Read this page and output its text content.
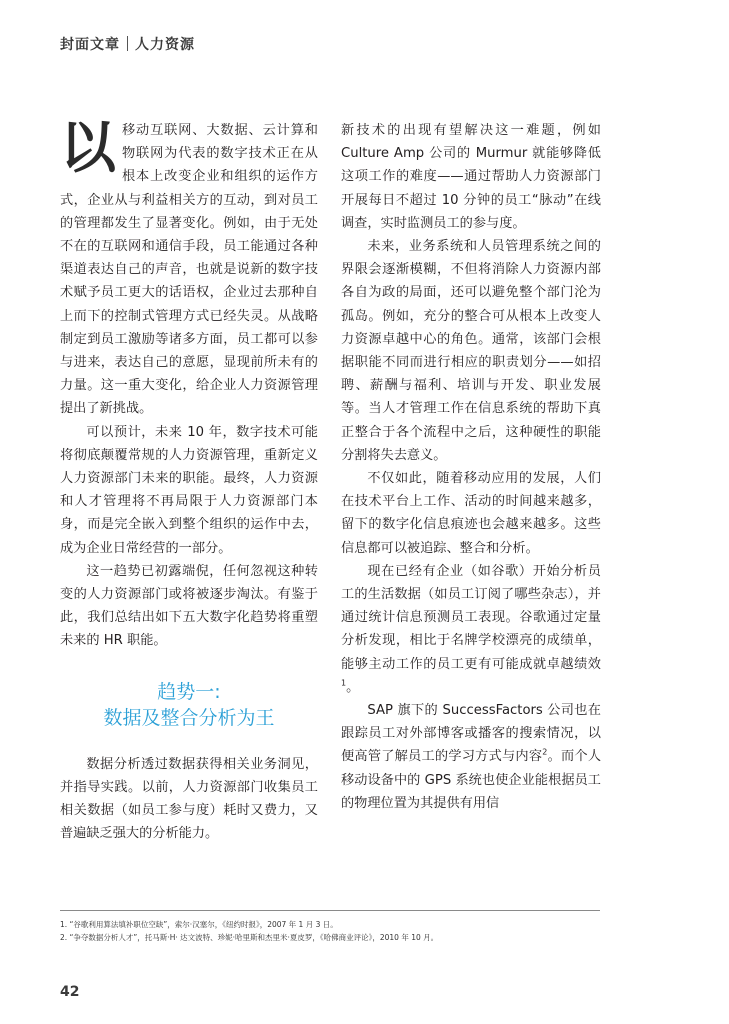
封面文章 人力资源

以移动互联网、大数据、云计算和物联网为代表的数字技术正在从根本上改变企业和组织的运作方式，企业从与利益相关方的互动，到对员工的管理都发生了显著变化。例如，由于无处不在的互联网和通信手段，员工能通过各种渠道表达自己的声音，也就是说新的数字技术赋予员工更大的话语权，企业过去那种自上而下的控制式管理方式已经失灵。从战略制定到员工激励等诸多方面，员工都可以参与进来，表达自己的意愿，显现前所未有的力量。这一重大变化，给企业人力资源管理提出了新挑战。

可以预计，未来 10 年，数字技术可能将彻底颠覆常规的人力资源管理，重新定义人力资源部门未来的职能。最终，人力资源和人才管理将不再局限于人力资源部门本身，而是完全嵌入到整个组织的运作中去，成为企业日常经营的一部分。

这一趋势已初露端倪，任何忽视这种转变的人力资源部门或将被逐步淘汰。有鉴于此，我们总结出如下五大数字化趋势将重塑未来的 HR 职能。

趋势一:
数据及整合分析为王

数据分析透过数据获得相关业务洞见，并指导实践。以前，人力资源部门收集员工相关数据（如员工参与度）耗时又费力，又普遍缺乏强大的分析能力。

新技术的出现有望解决这一难题，例如 Culture Amp 公司的 Murmur 就能够降低这项工作的难度——通过帮助人力资源部门开展每日不超过 10 分钟的员工“脉动”在线调查，实时监测员工的参与度。

未来，业务系统和人员管理系统之间的界限会逐渐模糊，不但将消除人力资源内部各自为政的局面，还可以避免整个部门沦为孤岛。例如，充分的整合可从根本上改变人力资源卓越中心的角色。通常，该部门会根据职能不同而进行相应的职责划分——如招聘、薪酬与福利、培训与开发、职业发展等。当人才管理工作在信息系统的帮助下真正整合于各个流程中之后，这种硬性的职能分割将失去意义。

不仅如此，随着移动应用的发展，人们在技术平台上工作、活动的时间越来越多，留下的数字化信息痕迹也会越来越多。这些信息都可以被追踪、整合和分析。

现在已经有企业（如谷歌）开始分析员工的生活数据（如员工订阅了哪些杂志），并通过统计信息预测员工表现。谷歌通过定量分析发现，相比于名牌学校漂亮的成绩单，能够主动工作的员工更有可能成就卓越绩效$^1$。

SAP 旗下的 SuccessFactors 公司也在跟踪员工对外部博客或播客的搜索情况，以便高管了解员工的学习方式与内容$^2$。而个人移动设备中的 GPS 系统也使企业能根据员工的物理位置为其提供有用信

1. “谷歌利用算法填补职位空缺”，索尔·汉塞尔，《纽约时报》，2007 年 1 月 3 日。
2. “争夺数据分析人才”，托马斯·H· 达文波特、珍妮·哈里斯和杰里米·夏皮罗，《哈佛商业评论》，2010 年 10 月。
42
